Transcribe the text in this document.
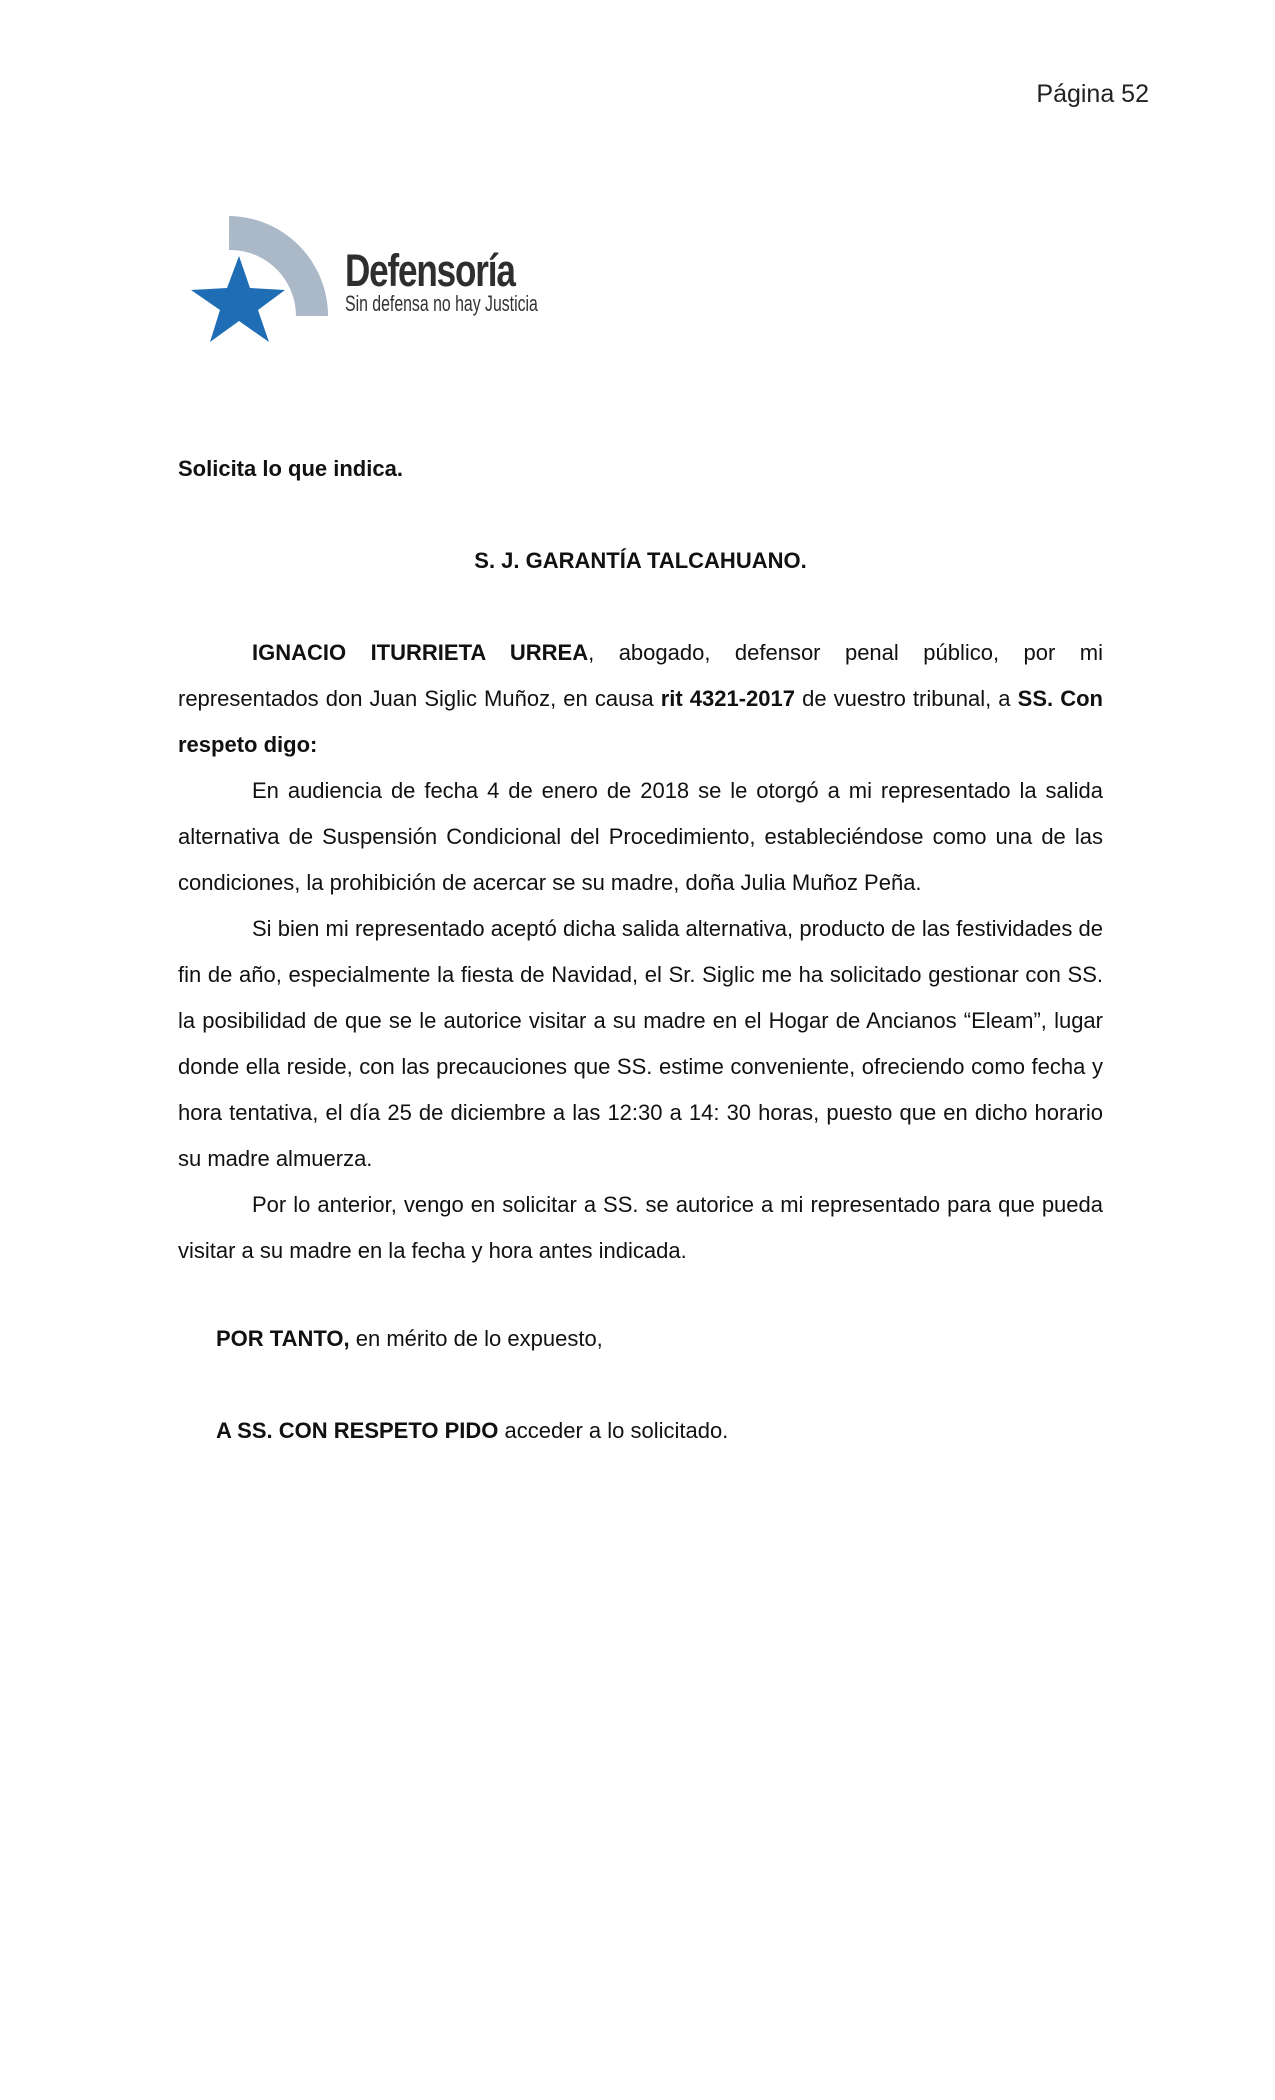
Página 52
Defensoría
Sin defensa no hay Justicia
Solicita lo que indica.
S. J. GARANTÍA TALCAHUANO.

IGNACIO ITURRIETA URREA, abogado, defensor penal público, por mi representados don Juan Siglic Muñoz, en causa rit 4321-2017 de vuestro tribunal, a SS. Con respeto digo:

En audiencia de fecha 4 de enero de 2018 se le otorgó a mi representado la salida alternativa de Suspensión Condicional del Procedimiento, estableciéndose como una de las condiciones, la prohibición de acercar se su madre, doña Julia Muñoz Peña.

Si bien mi representado aceptó dicha salida alternativa, producto de las festividades de fin de año, especialmente la fiesta de Navidad, el Sr. Siglic me ha solicitado gestionar con SS. la posibilidad de que se le autorice visitar a su madre en el Hogar de Ancianos “Eleam”, lugar donde ella reside, con las precauciones que SS. estime conveniente, ofreciendo como fecha y hora tentativa, el día 25 de diciembre a las 12:30 a 14: 30 horas, puesto que en dicho horario su madre almuerza.

Por lo anterior, vengo en solicitar a SS. se autorice a mi representado para que pueda visitar a su madre en la fecha y hora antes indicada.

POR TANTO, en mérito de lo expuesto,
A SS. CON RESPETO PIDO acceder a lo solicitado.
